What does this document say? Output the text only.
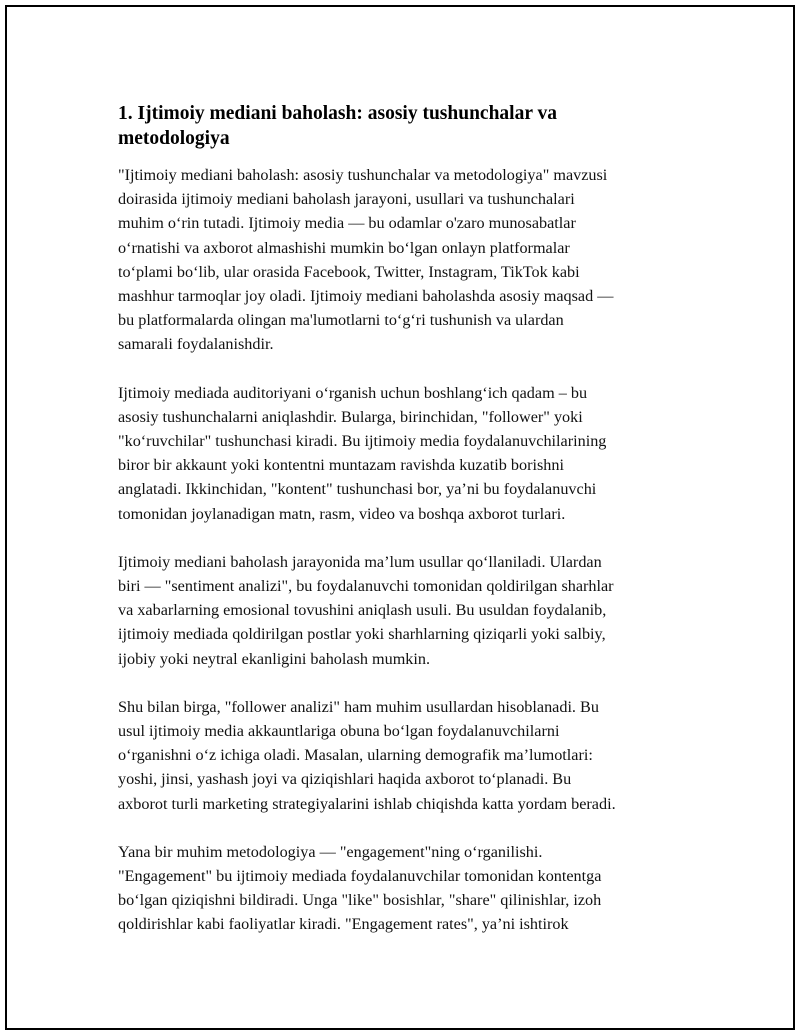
1. Ijtimoiy mediani baholash: asosiy tushunchalar va
metodologiya

"Ijtimoiy mediani baholash: asosiy tushunchalar va metodologiya" mavzusi
doirasida ijtimoiy mediani baholash jarayoni, usullari va tushunchalari
muhim oʻrin tutadi. Ijtimoiy media — bu odamlar o'zaro munosabatlar
oʻrnatishi va axborot almashishi mumkin boʻlgan onlayn platformalar
toʻplami boʻlib, ular orasida Facebook, Twitter, Instagram, TikTok kabi
mashhur tarmoqlar joy oladi. Ijtimoiy mediani baholashda asosiy maqsad —
bu platformalarda olingan ma'lumotlarni toʻgʻri tushunish va ulardan
samarali foydalanishdir.

Ijtimoiy mediada auditoriyani oʻrganish uchun boshlangʻich qadam – bu
asosiy tushunchalarni aniqlashdir. Bularga, birinchidan, "follower" yoki
"koʻruvchilar" tushunchasi kiradi. Bu ijtimoiy media foydalanuvchilarining
biror bir akkaunt yoki kontentni muntazam ravishda kuzatib borishni
anglatadi. Ikkinchidan, "kontent" tushunchasi bor, ya’ni bu foydalanuvchi
tomonidan joylanadigan matn, rasm, video va boshqa axborot turlari.

Ijtimoiy mediani baholash jarayonida ma’lum usullar qoʻllaniladi. Ulardan
biri — "sentiment analizi", bu foydalanuvchi tomonidan qoldirilgan sharhlar
va xabarlarning emosional tovushini aniqlash usuli. Bu usuldan foydalanib,
ijtimoiy mediada qoldirilgan postlar yoki sharhlarning qiziqarli yoki salbiy,
ijobiy yoki neytral ekanligini baholash mumkin.

Shu bilan birga, "follower analizi" ham muhim usullardan hisoblanadi. Bu
usul ijtimoiy media akkauntlariga obuna boʻlgan foydalanuvchilarni
oʻrganishni oʻz ichiga oladi. Masalan, ularning demografik ma’lumotlari:
yoshi, jinsi, yashash joyi va qiziqishlari haqida axborot toʻplanadi. Bu
axborot turli marketing strategiyalarini ishlab chiqishda katta yordam beradi.

Yana bir muhim metodologiya — "engagement"ning oʻrganilishi.
"Engagement" bu ijtimoiy mediada foydalanuvchilar tomonidan kontentga
boʻlgan qiziqishni bildiradi. Unga "like" bosishlar, "share" qilinishlar, izoh
qoldirishlar kabi faoliyatlar kiradi. "Engagement rates", ya’ni ishtirok
